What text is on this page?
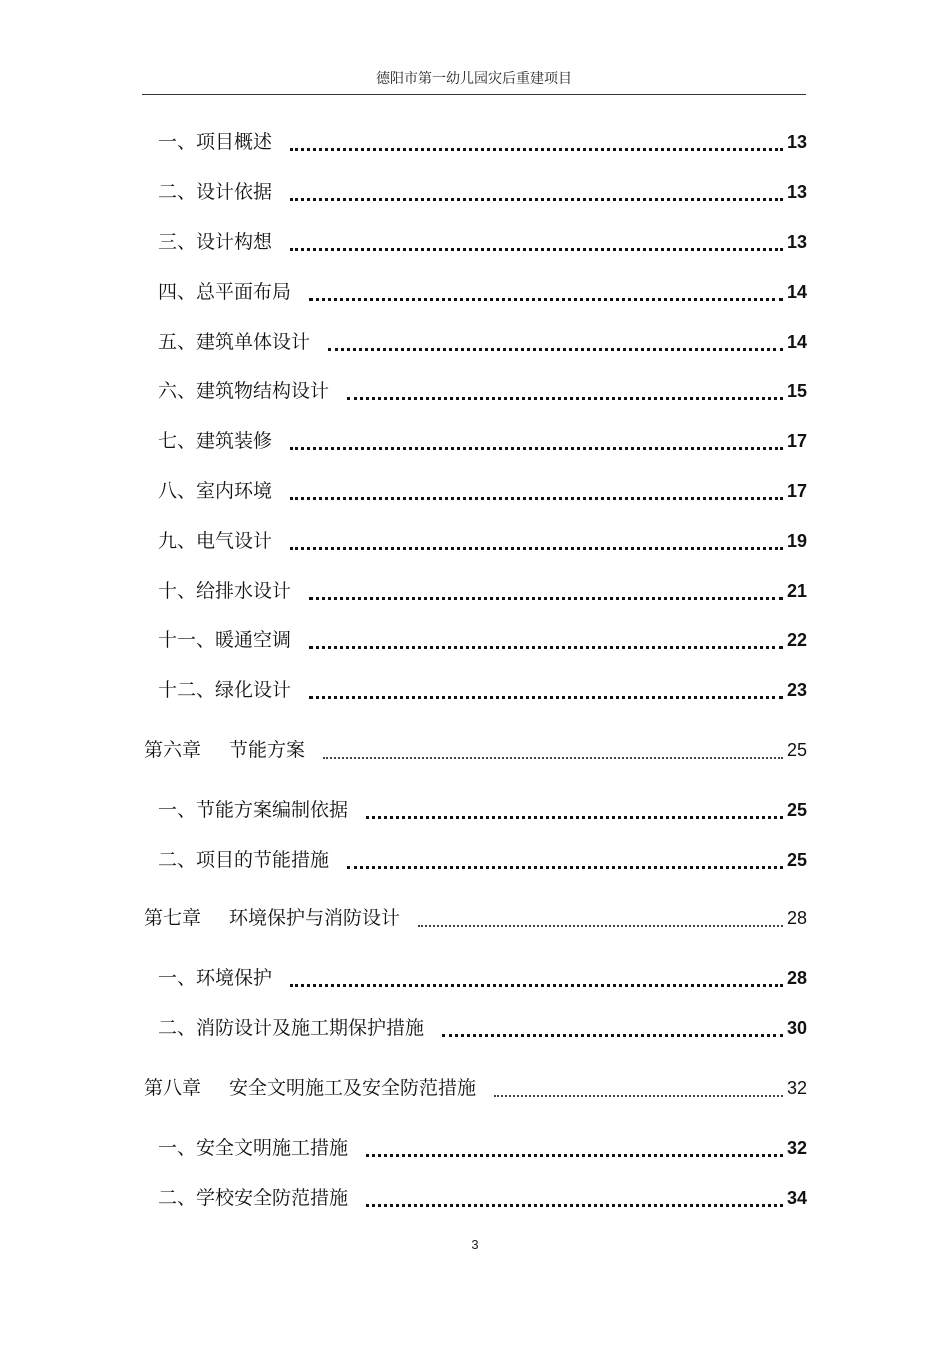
德阳市第一幼儿园灾后重建项目
一、项目概述	13
二、设计依据	13
三、设计构想	13
四、总平面布局	14
五、建筑单体设计	14
六、建筑物结构设计	15
七、建筑装修	17
八、室内环境	17
九、电气设计	19
十、给排水设计	21
十一、暖通空调	22
十二、绿化设计	23
第六章 节能方案	25
一、节能方案编制依据	25
二、项目的节能措施	25
第七章 环境保护与消防设计	28
一、环境保护	28
二、消防设计及施工期保护措施	30
第八章 安全文明施工及安全防范措施	32
一、安全文明施工措施	32
二、学校安全防范措施	34
3
